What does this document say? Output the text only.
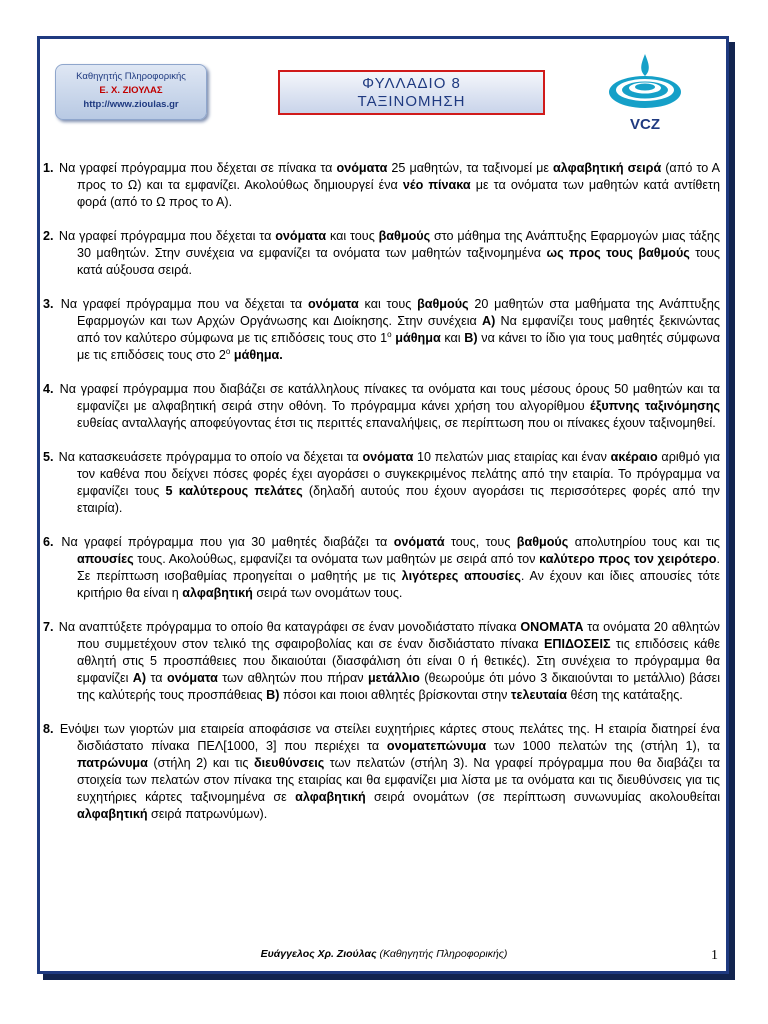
Καθηγητής Πληροφορικής
Ε. Χ. ΖΙΟΥΛΑΣ
http://www.zioulas.gr
ΦΥΛΛΑΔΙΟ 8
ΤΑΞΙΝΟΜΗΣΗ
VCZ
1. Να γραφεί πρόγραμμα που δέχεται σε πίνακα τα ονόματα 25 μαθητών, τα ταξινομεί με αλφαβητική σειρά (από το Α προς το Ω) και τα εμφανίζει. Ακολούθως δημιουργεί ένα νέο πίνακα με τα ονόματα των μαθητών κατά αντίθετη φορά (από το Ω προς το Α).
2. Να γραφεί πρόγραμμα που δέχεται τα ονόματα και τους βαθμούς στο μάθημα της Ανάπτυξης Εφαρμογών μιας τάξης 30 μαθητών. Στην συνέχεια να εμφανίζει τα ονόματα των μαθητών ταξινομημένα ως προς τους βαθμούς τους κατά αύξουσα σειρά.
3. Να γραφεί πρόγραμμα που να δέχεται τα ονόματα και τους βαθμούς 20 μαθητών στα μαθήματα της Ανάπτυξης Εφαρμογών και των Αρχών Οργάνωσης και Διοίκησης. Στην συνέχεια Α) Να εμφανίζει τους μαθητές ξεκινώντας από τον καλύτερο σύμφωνα με τις επιδόσεις τους στο $1^o$ μάθημα και Β) να κάνει το ίδιο για τους μαθητές σύμφωνα με τις επιδόσεις τους στο $2^o$ μάθημα.
4. Να γραφεί πρόγραμμα που διαβάζει σε κατάλληλους πίνακες τα ονόματα και τους μέσους όρους 50 μαθητών και τα εμφανίζει με αλφαβητική σειρά στην οθόνη. Το πρόγραμμα κάνει χρήση του αλγορίθμου έξυπνης ταξινόμησης ευθείας ανταλλαγής αποφεύγοντας έτσι τις περιττές επαναλήψεις, σε περίπτωση που οι πίνακες έχουν ταξινομηθεί.
5. Να κατασκευάσετε πρόγραμμα το οποίο να δέχεται τα ονόματα 10 πελατών μιας εταιρίας και έναν ακέραιο αριθμό για τον καθένα που δείχνει πόσες φορές έχει αγοράσει ο συγκεκριμένος πελάτης από την εταιρία. Το πρόγραμμα να εμφανίζει τους 5 καλύτερους πελάτες (δηλαδή αυτούς που έχουν αγοράσει τις περισσότερες φορές από την εταιρία).
6. Να γραφεί πρόγραμμα που για 30 μαθητές διαβάζει τα ονόματά τους, τους βαθμούς απολυτηρίου τους και τις απουσίες τους. Ακολούθως, εμφανίζει τα ονόματα των μαθητών με σειρά από τον καλύτερο προς τον χειρότερο. Σε περίπτωση ισοβαθμίας προηγείται ο μαθητής με τις λιγότερες απουσίες. Αν έχουν και ίδιες απουσίες τότε κριτήριο θα είναι η αλφαβητική σειρά των ονομάτων τους.
7. Να αναπτύξετε πρόγραμμα το οποίο θα καταγράφει σε έναν μονοδιάστατο πίνακα ΟΝΟΜΑΤΑ τα ονόματα 20 αθλητών που συμμετέχουν στον τελικό της σφαιροβολίας και σε έναν δισδιάστατο πίνακα ΕΠΙΔΟΣΕΙΣ τις επιδόσεις κάθε αθλητή στις 5 προσπάθειες που δικαιούται (διασφάλιση ότι είναι 0 ή θετικές). Στη συνέχεια το πρόγραμμα θα εμφανίζει Α) τα ονόματα των αθλητών που πήραν μετάλλιο (θεωρούμε ότι μόνο 3 δικαιούνται το μετάλλιο) βάσει της καλύτερής τους προσπάθειας Β) πόσοι και ποιοι αθλητές βρίσκονται στην τελευταία θέση της κατάταξης.
8. Ενόψει των γιορτών μια εταιρεία αποφάσισε να στείλει ευχητήριες κάρτες στους πελάτες της. Η εταιρία διατηρεί ένα δισδιάστατο πίνακα ΠΕΛ[1000, 3] που περιέχει τα ονοματεπώνυμα των 1000 πελατών της (στήλη 1), τα πατρώνυμα (στήλη 2) και τις διευθύνσεις των πελατών (στήλη 3). Να γραφεί πρόγραμμα που θα διαβάζει τα στοιχεία των πελατών στον πίνακα της εταιρίας και θα εμφανίζει μια λίστα με τα ονόματα και τις διευθύνσεις για τις ευχητήριες κάρτες ταξινομημένα σε αλφαβητική σειρά ονομάτων (σε περίπτωση συνωνυμίας ακολουθείται αλφαβητική σειρά πατρωνύμων).
Ευάγγελος Χρ. Ζιούλας (Καθηγητής Πληροφορικής)	1
